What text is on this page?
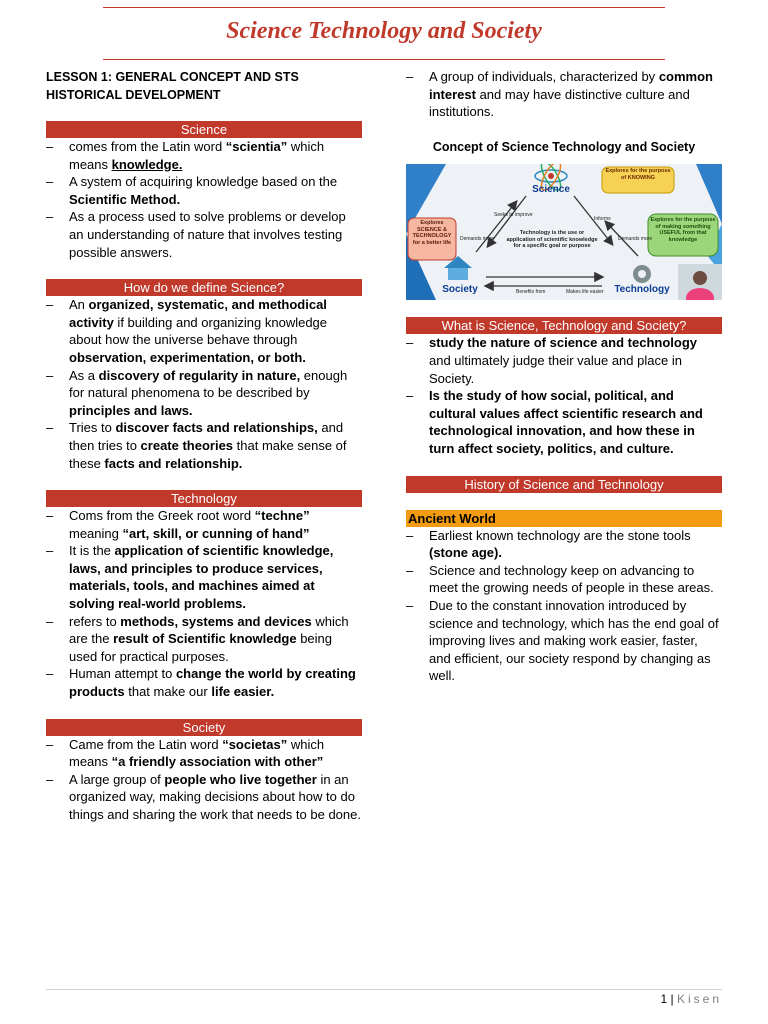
Science Technology and Society
LESSON 1: GENERAL CONCEPT AND STS HISTORICAL DEVELOPMENT
Science
– comes from the Latin word “scientia” which means knowledge.
– A system of acquiring knowledge based on the Scientific Method.
– As a process used to solve problems or develop an understanding of nature that involves testing possible answers.
How do we define Science?
– An organized, systematic, and methodical activity if building and organizing knowledge about how the universe behave through observation, experimentation, or both.
– As a discovery of regularity in nature, enough for natural phenomena to be described by principles and laws.
– Tries to discover facts and relationships, and then tries to create theories that make sense of these facts and relationship.
Technology
– Coms from the Greek root word “techne” meaning “art, skill, or cunning of hand”
– It is the application of scientific knowledge, laws, and principles to produce services, materials, tools, and machines aimed at solving real-world problems.
– refers to methods, systems and devices which are the result of Scientific knowledge being used for practical purposes.
– Human attempt to change the world by creating products that make our life easier.
Society
– Came from the Latin word “societas” which means “a friendly association with other”
– A large group of people who live together in an organized way, making decisions about how to do things and sharing the work that needs to be done.
– A group of individuals, characterized by common interest and may have distinctive culture and institutions.
Concept of Science Technology and Society
Science
Explores for the purpose of KNOWING
Explores for the purpose of making something USEFUL from that knowledge
Explores SCIENCE & TECHNOLOGY for a better life
Technology is the use or application of scientific knowledge for a specific goal or purpose
Seeks to improve
Informs
Demands more	Demands more
Benefits from	Makes life easier
Society	Technology
What is Science, Technology and Society?
– study the nature of science and technology and ultimately judge their value and place in Society.
– Is the study of how social, political, and cultural values affect scientific research and technological innovation, and how these in turn affect society, politics, and culture.
History of Science and Technology
Ancient World
– Earliest known technology are the stone tools (stone age).
– Science and technology keep on advancing to meet the growing needs of people in these areas.
– Due to the constant innovation introduced by science and technology, which has the end goal of improving lives and making work easier, faster, and efficient, our society respond by changing as well.
1 | Kisen
